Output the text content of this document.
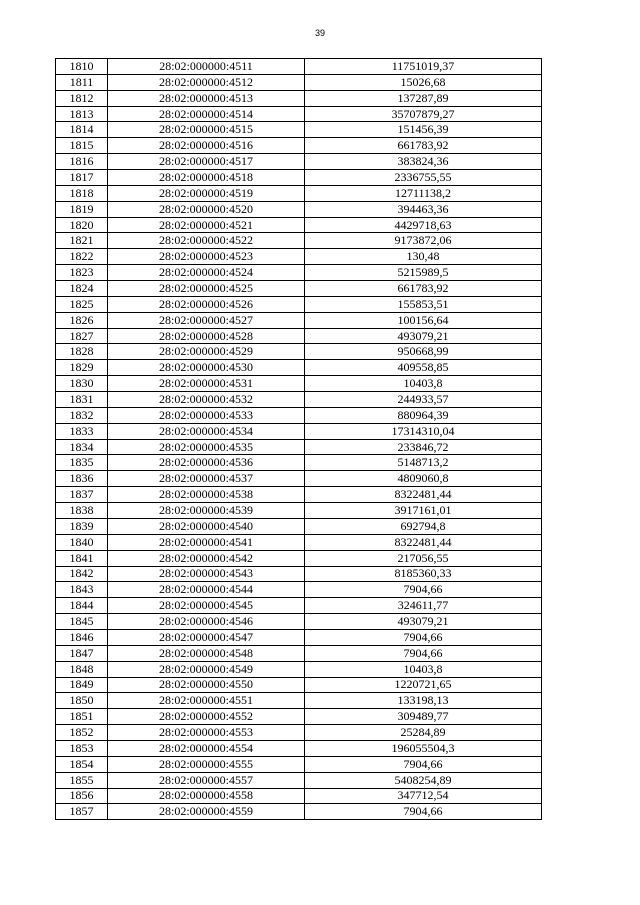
39
1810	28:02:000000:4511	11751019,37
1811	28:02:000000:4512	15026,68
1812	28:02:000000:4513	137287,89
1813	28:02:000000:4514	35707879,27
1814	28:02:000000:4515	151456,39
1815	28:02:000000:4516	661783,92
1816	28:02:000000:4517	383824,36
1817	28:02:000000:4518	2336755,55
1818	28:02:000000:4519	12711138,2
1819	28:02:000000:4520	394463,36
1820	28:02:000000:4521	4429718,63
1821	28:02:000000:4522	9173872,06
1822	28:02:000000:4523	130,48
1823	28:02:000000:4524	5215989,5
1824	28:02:000000:4525	661783,92
1825	28:02:000000:4526	155853,51
1826	28:02:000000:4527	100156,64
1827	28:02:000000:4528	493079,21
1828	28:02:000000:4529	950668,99
1829	28:02:000000:4530	409558,85
1830	28:02:000000:4531	10403,8
1831	28:02:000000:4532	244933,57
1832	28:02:000000:4533	880964,39
1833	28:02:000000:4534	17314310,04
1834	28:02:000000:4535	233846,72
1835	28:02:000000:4536	5148713,2
1836	28:02:000000:4537	4809060,8
1837	28:02:000000:4538	8322481,44
1838	28:02:000000:4539	3917161,01
1839	28:02:000000:4540	692794,8
1840	28:02:000000:4541	8322481,44
1841	28:02:000000:4542	217056,55
1842	28:02:000000:4543	8185360,33
1843	28:02:000000:4544	7904,66
1844	28:02:000000:4545	324611,77
1845	28:02:000000:4546	493079,21
1846	28:02:000000:4547	7904,66
1847	28:02:000000:4548	7904,66
1848	28:02:000000:4549	10403,8
1849	28:02:000000:4550	1220721,65
1850	28:02:000000:4551	133198,13
1851	28:02:000000:4552	309489,77
1852	28:02:000000:4553	25284,89
1853	28:02:000000:4554	196055504,3
1854	28:02:000000:4555	7904,66
1855	28:02:000000:4557	5408254,89
1856	28:02:000000:4558	347712,54
1857	28:02:000000:4559	7904,66
